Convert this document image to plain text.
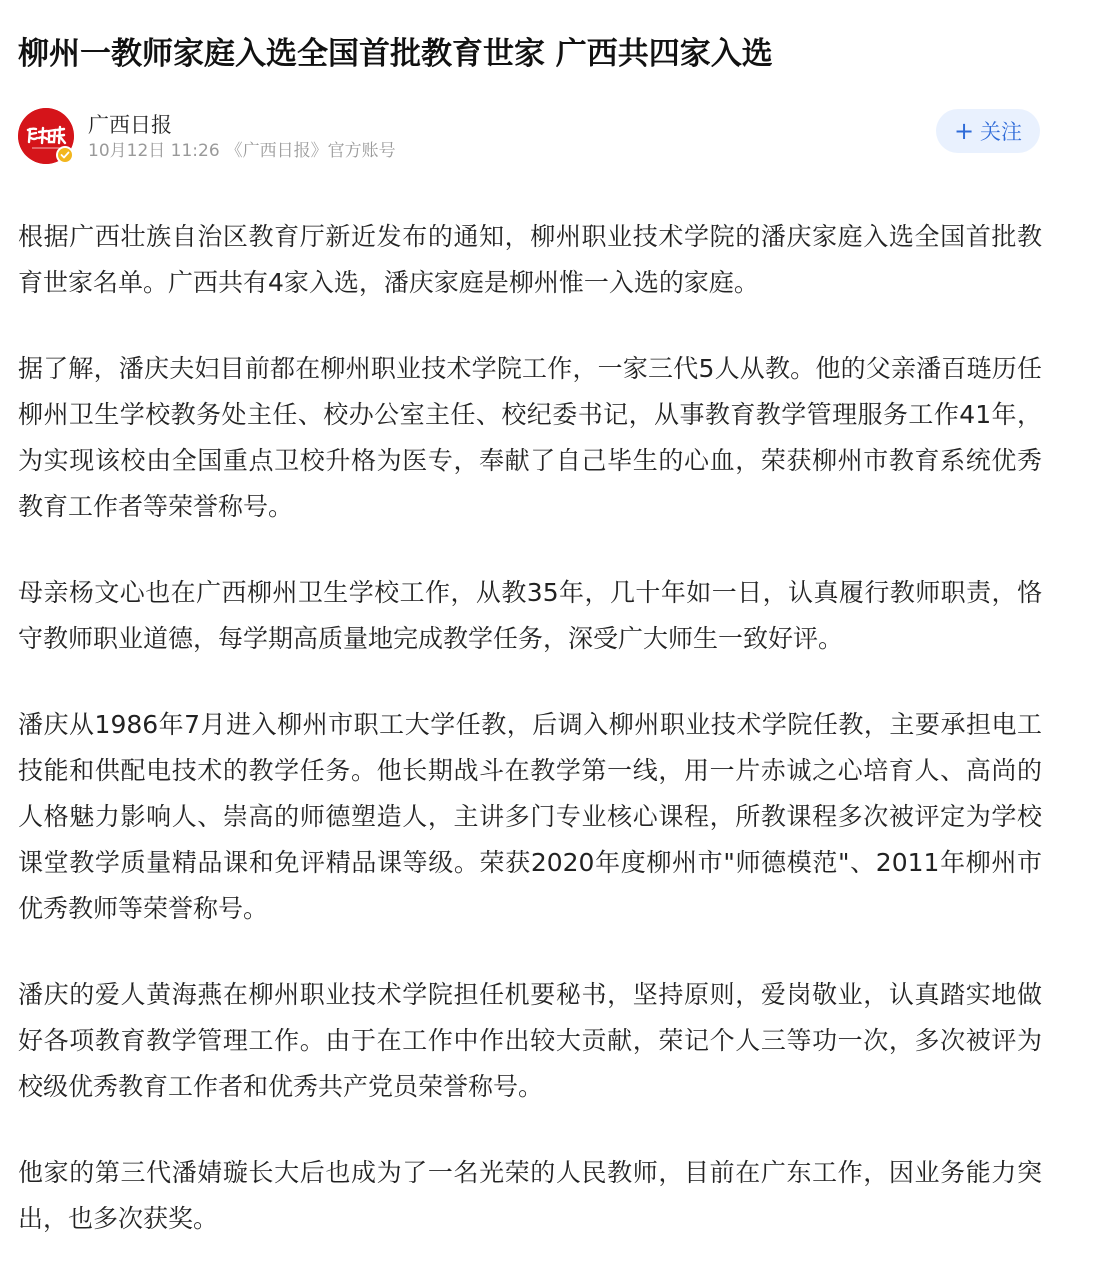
柳州一教师家庭入选全国首批教育世家 广西共四家入选
广西日报
10月12日 11:26 《广西日报》官方账号
+ 关注

根据广西壮族自治区教育厅新近发布的通知，柳州职业技术学院的潘庆家庭入选全国首批教育世家名单。广西共有4家入选，潘庆家庭是柳州惟一入选的家庭。

据了解，潘庆夫妇目前都在柳州职业技术学院工作，一家三代5人从教。他的父亲潘百琏历任柳州卫生学校教务处主任、校办公室主任、校纪委书记，从事教育教学管理服务工作41年，为实现该校由全国重点卫校升格为医专，奉献了自己毕生的心血，荣获柳州市教育系统优秀教育工作者等荣誉称号。

母亲杨文心也在广西柳州卫生学校工作，从教35年，几十年如一日，认真履行教师职责，恪守教师职业道德，每学期高质量地完成教学任务，深受广大师生一致好评。

潘庆从1986年7月进入柳州市职工大学任教，后调入柳州职业技术学院任教，主要承担电工技能和供配电技术的教学任务。他长期战斗在教学第一线，用一片赤诚之心培育人、高尚的人格魅力影响人、崇高的师德塑造人，主讲多门专业核心课程，所教课程多次被评定为学校课堂教学质量精品课和免评精品课等级。荣获2020年度柳州市"师德模范"、2011年柳州市优秀教师等荣誉称号。

潘庆的爱人黄海燕在柳州职业技术学院担任机要秘书，坚持原则，爱岗敬业，认真踏实地做好各项教育教学管理工作。由于在工作中作出较大贡献，荣记个人三等功一次，多次被评为校级优秀教育工作者和优秀共产党员荣誉称号。

他家的第三代潘婧璇长大后也成为了一名光荣的人民教师，目前在广东工作，因业务能力突出，也多次获奖。
